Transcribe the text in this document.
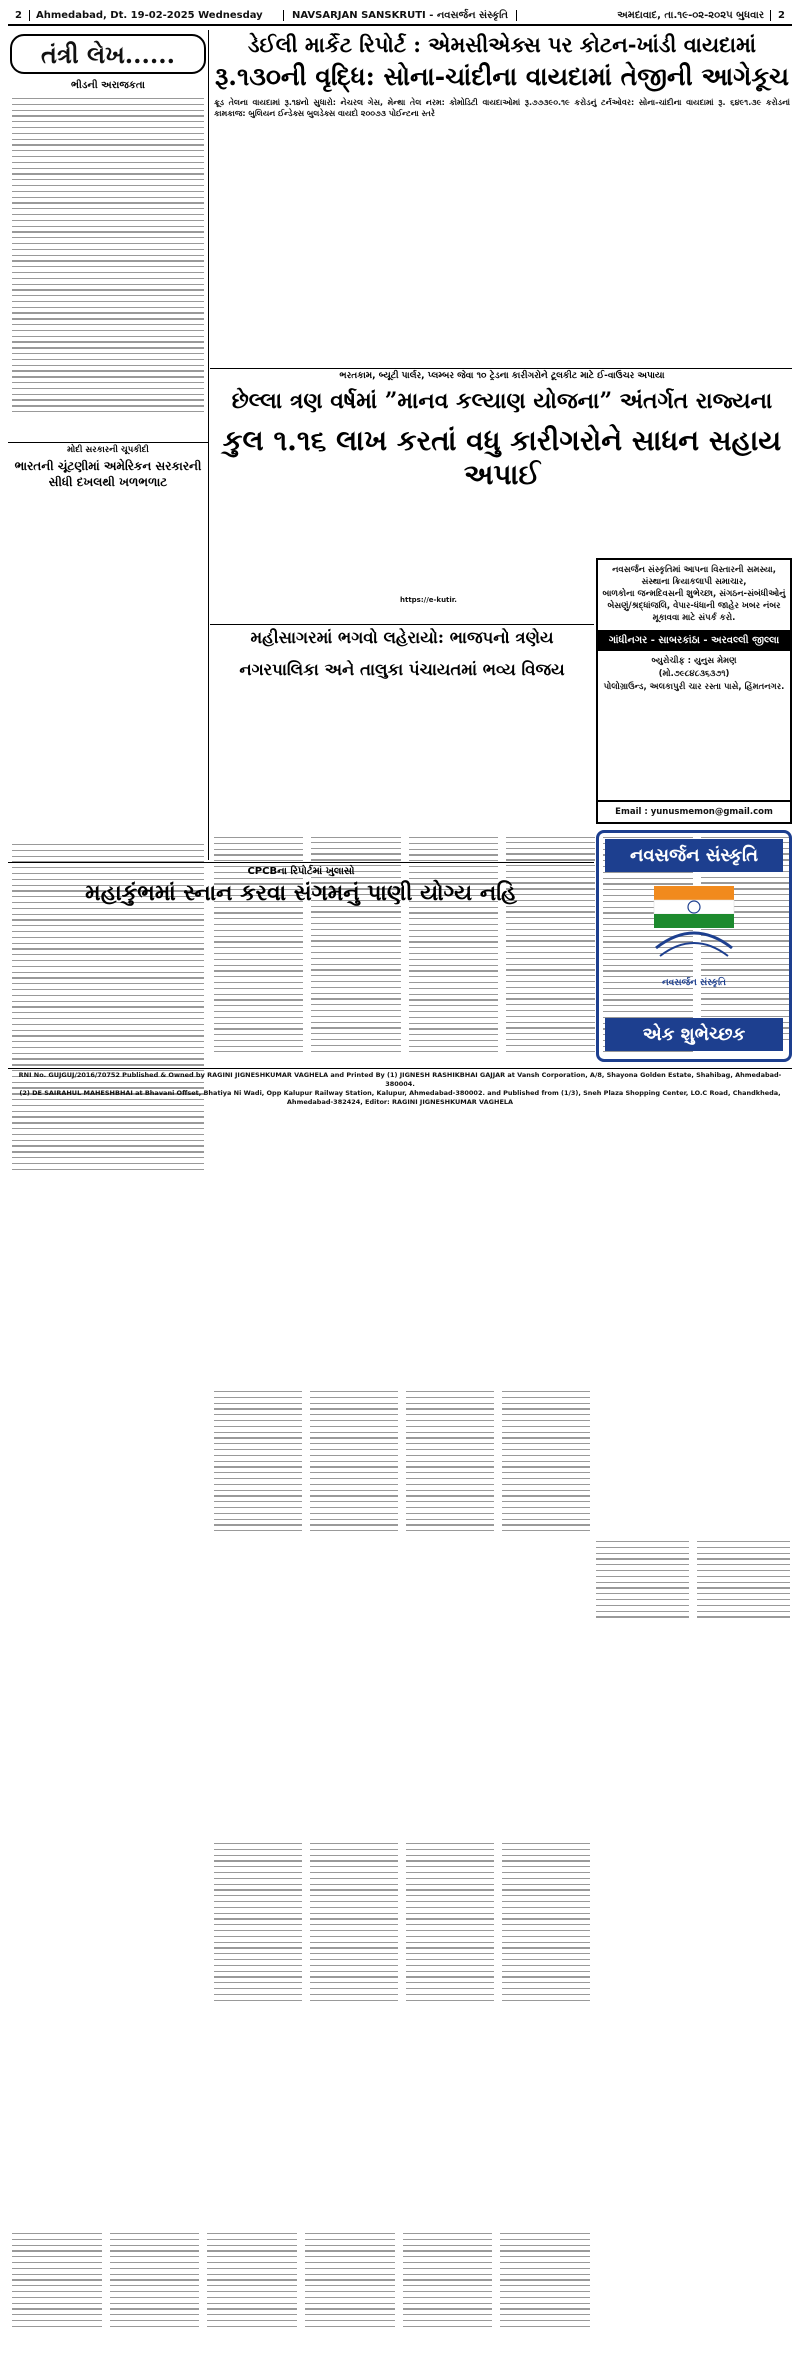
2	Ahmedabad, Dt. 19-02-2025 Wednesday	NAVSARJAN SANSKRUTI - નવસર્જન સંસ્કૃતિ	અમદાવાદ, તા.૧૯-૦૨-૨૦૨૫ બુધવાર	2
તંત્રી લેખ......
ભીડની અરાજકતા
મોદી સરકારની ચૂપકીદી
ભારતની ચૂંટણીમાં અમેરિકન સરકારની સીધી દખલથી ખળભળાટ
ડેઈલી માર્કેટ રિપોર્ટ : એમસીએક્સ પર કોટન-ખાંડી વાયદામાં
રૂ.૧૩૦ની વૃદ્ધિ: સોના-ચાંદીના વાયદામાં તેજીની આગેકૂચ
ક્રૂડ તેલના વાયદામાં રૂ.૧૪નો સુધારો: નેચરલ ગેસ, મેન્થા તેલ નરમ: કોમોડિટી વાયદાઓમાં રૂ.૭૭૩૯૦.૧૯ કરોડનું ટર્નઓવર: સોના-ચાંદીના વાયદામાં રૂ. ૬૪૯૧.૩૯ કરોડનાં કામકાજ: બુલિયન ઈન્ડેક્સ બુલડેક્સ વાયદો ૨૦૦૭૩ પોઈન્ટના સ્તરે
ભરતકામ, બ્યૂટી પાર્લર, પ્લમ્બર જેવા ૧૦ ટ્રેડના કારીગરોને ટૂલકીટ માટે ઈ-વાઉચર અપાયા
છેલ્લા ત્રણ વર્ષમાં ”માનવ કલ્યાણ યોજના” અંતર્ગત રાજ્યના
કુલ ૧.૧૬ લાખ કરતાં વધુ કારીગરોને સાધન સહાય અપાઈ
https://e-kutir.
મહીસાગરમાં ભગવો લહેરાયો: ભાજપનો ત્રણેય
નગરપાલિકા અને તાલુકા પંચાયતમાં ભવ્ય વિજય
નવસર્જન સંસ્કૃતિમાં આપના વિસ્તારની સમસ્યા,
સંસ્થાના ક્રિયાકલાપી સમાચાર,
બાળકોના જન્મદિવસની શુભેચ્છા, સંગઠન-સંબંધીઓનું
બેસણું/શ્રદ્ધાંજલિ, વેપાર-ધંધાની જાહેર ખબર નંબર
મૂકાવવા માટે સંપર્ક કરો.
ગાંધીનગર - સાબરકાંઠા - અરવલ્લી જીલ્લા
બ્યુરોચીફ : યુનુસ મેમણ
(મો.૭૯૮૪૮૩૬૩૭૧)
પોલોગ્રાઉન્ડ, અલકાપુરી ચાર રસ્તા પાસે, હિંમતનગર.
Email : yunusmemon@gmail.com
નવસર્જન સંસ્કૃતિ
નવસર્જન સંસ્કૃતિ
એક શુભેચ્છક
CPCBના રિપોર્ટમાં ખુલાસો
મહાકુંભમાં સ્નાન કરવા સંગમનું પાણી યોગ્ય નહિ
RNI No. GUJGUJ/2016/70752 Published & Owned by RAGINI JIGNESHKUMAR VAGHELA and Printed By (1) JIGNESH RASHIKBHAI GAJJAR at Vansh Corporation, A/8, Shayona Golden Estate, Shahibag, Ahmedabad-380004.
(2) DE SAIRAHUL MAHESHBHAI at Bhavani Offset, Bhatiya Ni Wadi, Opp Kalupur Railway Station, Kalupur, Ahmedabad-380002. and Published from (1/3), Sneh Plaza Shopping Center, LO.C Road, Chandkheda, Ahmedabad-382424, Editor: RAGINI JIGNESHKUMAR VAGHELA
